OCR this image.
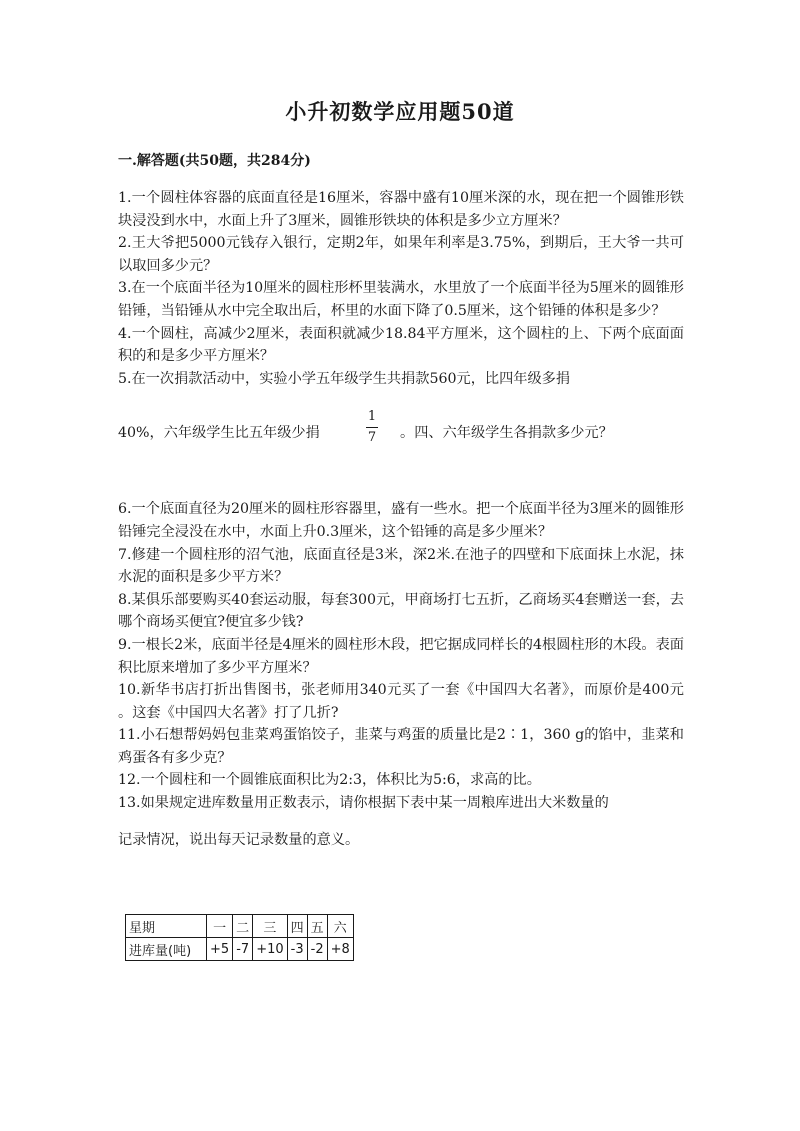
小升初数学应用题50道
一.解答题(共50题，共284分)

1.一个圆柱体容器的底面直径是16厘米，容器中盛有10厘米深的水，现在把一个圆锥形铁块浸没到水中，水面上升了3厘米，圆锥形铁块的体积是多少立方厘米？

2.王大爷把5000元钱存入银行，定期2年，如果年利率是3.75%，到期后，王大爷一共可以取回多少元？

3.在一个底面半径为10厘米的圆柱形杯里装满水，水里放了一个底面半径为5厘米的圆锥形铅锤，当铅锤从水中完全取出后，杯里的水面下降了0.5厘米，这个铅锤的体积是多少？

4.一个圆柱，高减少2厘米，表面积就减少18.84平方厘米，这个圆柱的上、下两个底面面积的和是多少平方厘米？

5.在一次捐款活动中，实验小学五年级学生共捐款560元，比四年级多捐

40%，六年级学生比五年级少捐
1
7 。四、六年级学生各捐款多少元？

6.一个底面直径为20厘米的圆柱形容器里，盛有一些水。把一个底面半径为3厘米的圆锥形铅锤完全浸没在水中，水面上升0.3厘米，这个铅锤的高是多少厘米？

7.修建一个圆柱形的沼气池，底面直径是3米，深2米.在池子的四壁和下底面抹上水泥，抹水泥的面积是多少平方米？

8.某俱乐部要购买40套运动服，每套300元，甲商场打七五折，乙商场买4套赠送一套，去哪个商场买便宜?便宜多少钱?

9.一根长2米，底面半径是4厘米的圆柱形木段，把它据成同样长的4根圆柱形的木段。表面积比原来增加了多少平方厘米？

10.新华书店打折出售图书，张老师用340元买了一套《中国四大名著》，而原价是400元 。这套《中国四大名著》打了几折?

11.小石想帮妈妈包韭菜鸡蛋馅饺子，韭菜与鸡蛋的质量比是2∶1，360 g的馅中，韭菜和鸡蛋各有多少克？

12.一个圆柱和一个圆锥底面积比为2:3，体积比为5:6，求高的比。

13.如果规定进库数量用正数表示，请你根据下表中某一周粮库进出大米数量的

记录情况，说出每天记录数量的意义。

星期	一	二	三	四	五	六
进库量(吨)	+5	-7	+10	-3	-2	+8
